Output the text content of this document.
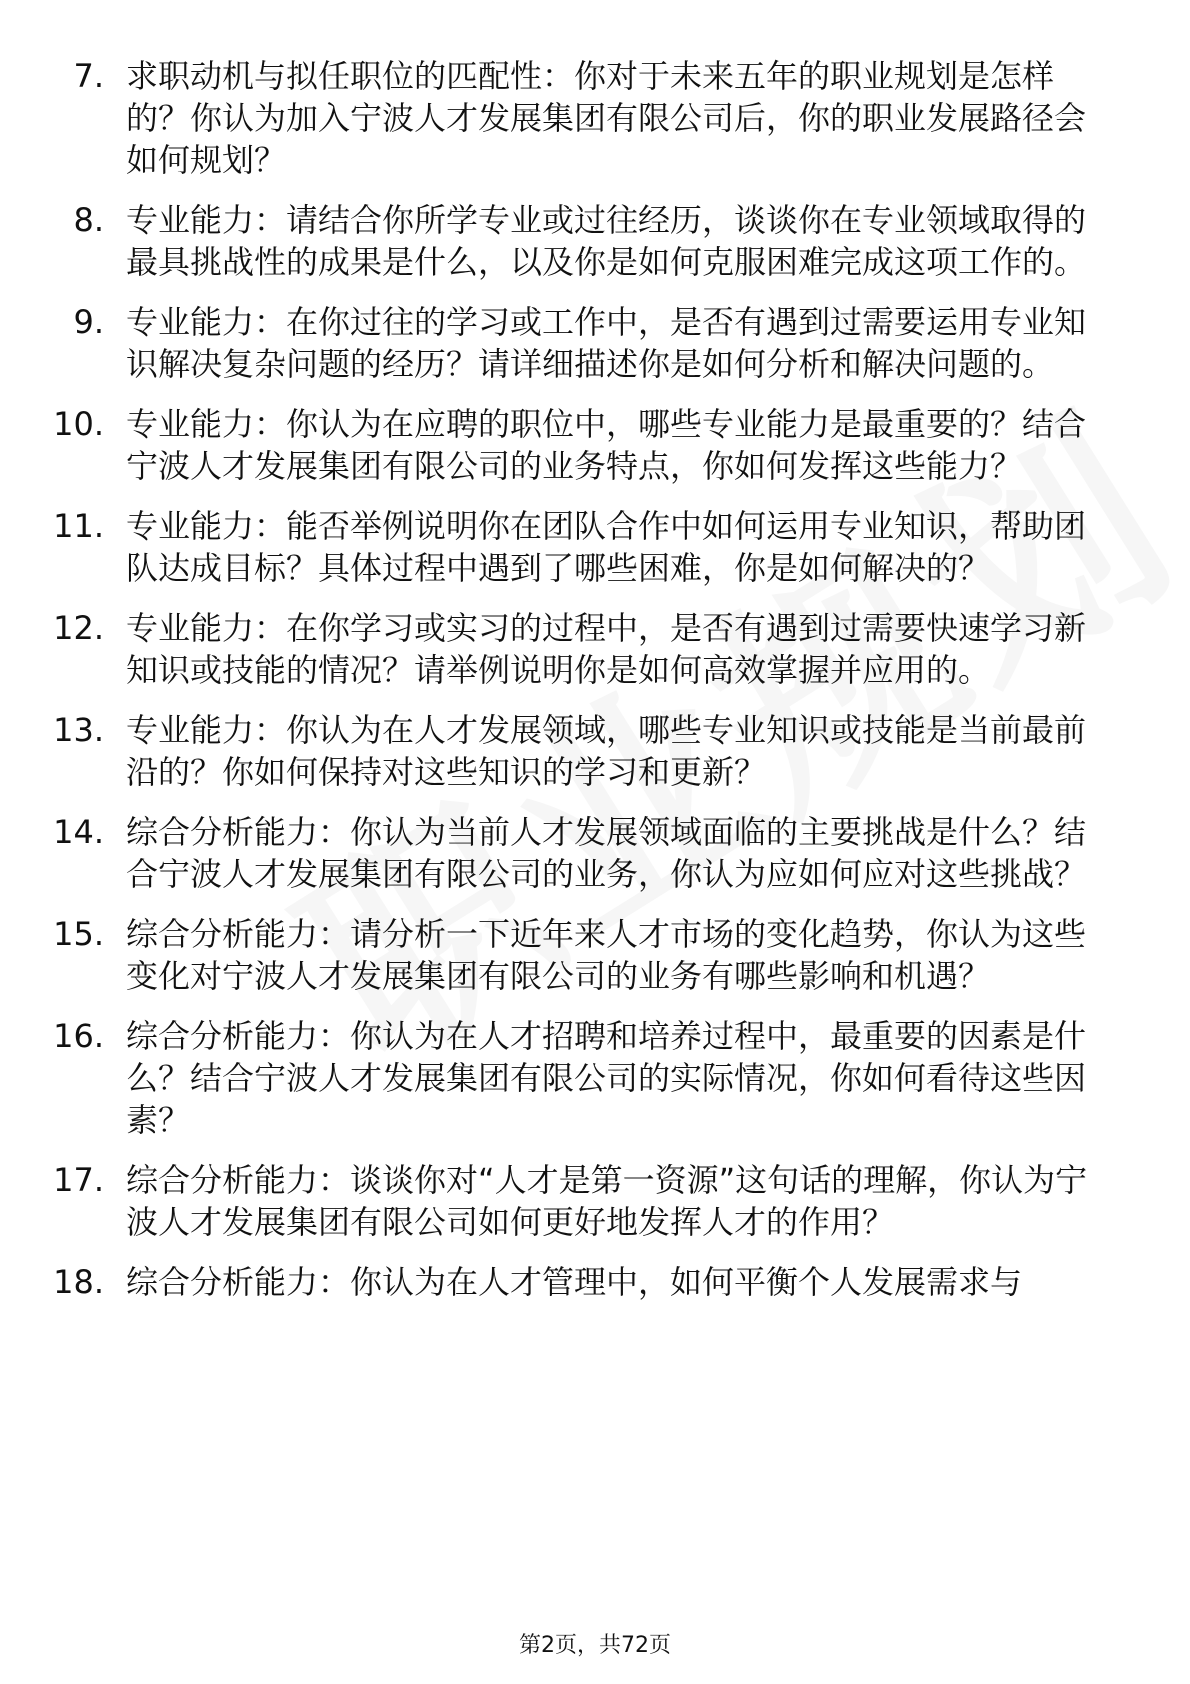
7. 求职动机与拟任职位的匹配性：你对于未来五年的职业规划是怎样的？你认为加入宁波人才发展集团有限公司后，你的职业发展路径会如何规划？
8. 专业能力：请结合你所学专业或过往经历，谈谈你在专业领域取得的最具挑战性的成果是什么，以及你是如何克服困难完成这项工作的。
9. 专业能力：在你过往的学习或工作中，是否有遇到过需要运用专业知识解决复杂问题的经历？请详细描述你是如何分析和解决问题的。
10. 专业能力：你认为在应聘的职位中，哪些专业能力是最重要的？结合宁波人才发展集团有限公司的业务特点，你如何发挥这些能力？
11. 专业能力：能否举例说明你在团队合作中如何运用专业知识，帮助团队达成目标？具体过程中遇到了哪些困难，你是如何解决的？
12. 专业能力：在你学习或实习的过程中，是否有遇到过需要快速学习新知识或技能的情况？请举例说明你是如何高效掌握并应用的。
13. 专业能力：你认为在人才发展领域，哪些专业知识或技能是当前最前沿的？你如何保持对这些知识的学习和更新？
14. 综合分析能力：你认为当前人才发展领域面临的主要挑战是什么？结合宁波人才发展集团有限公司的业务，你认为应如何应对这些挑战？
15. 综合分析能力：请分析一下近年来人才市场的变化趋势，你认为这些变化对宁波人才发展集团有限公司的业务有哪些影响和机遇？
16. 综合分析能力：你认为在人才招聘和培养过程中，最重要的因素是什么？结合宁波人才发展集团有限公司的实际情况，你如何看待这些因素？
17. 综合分析能力：谈谈你对“人才是第一资源”这句话的理解，你认为宁波人才发展集团有限公司如何更好地发挥人才的作用？
18. 综合分析能力：你认为在人才管理中，如何平衡个人发展需求与
第2页，共72页
